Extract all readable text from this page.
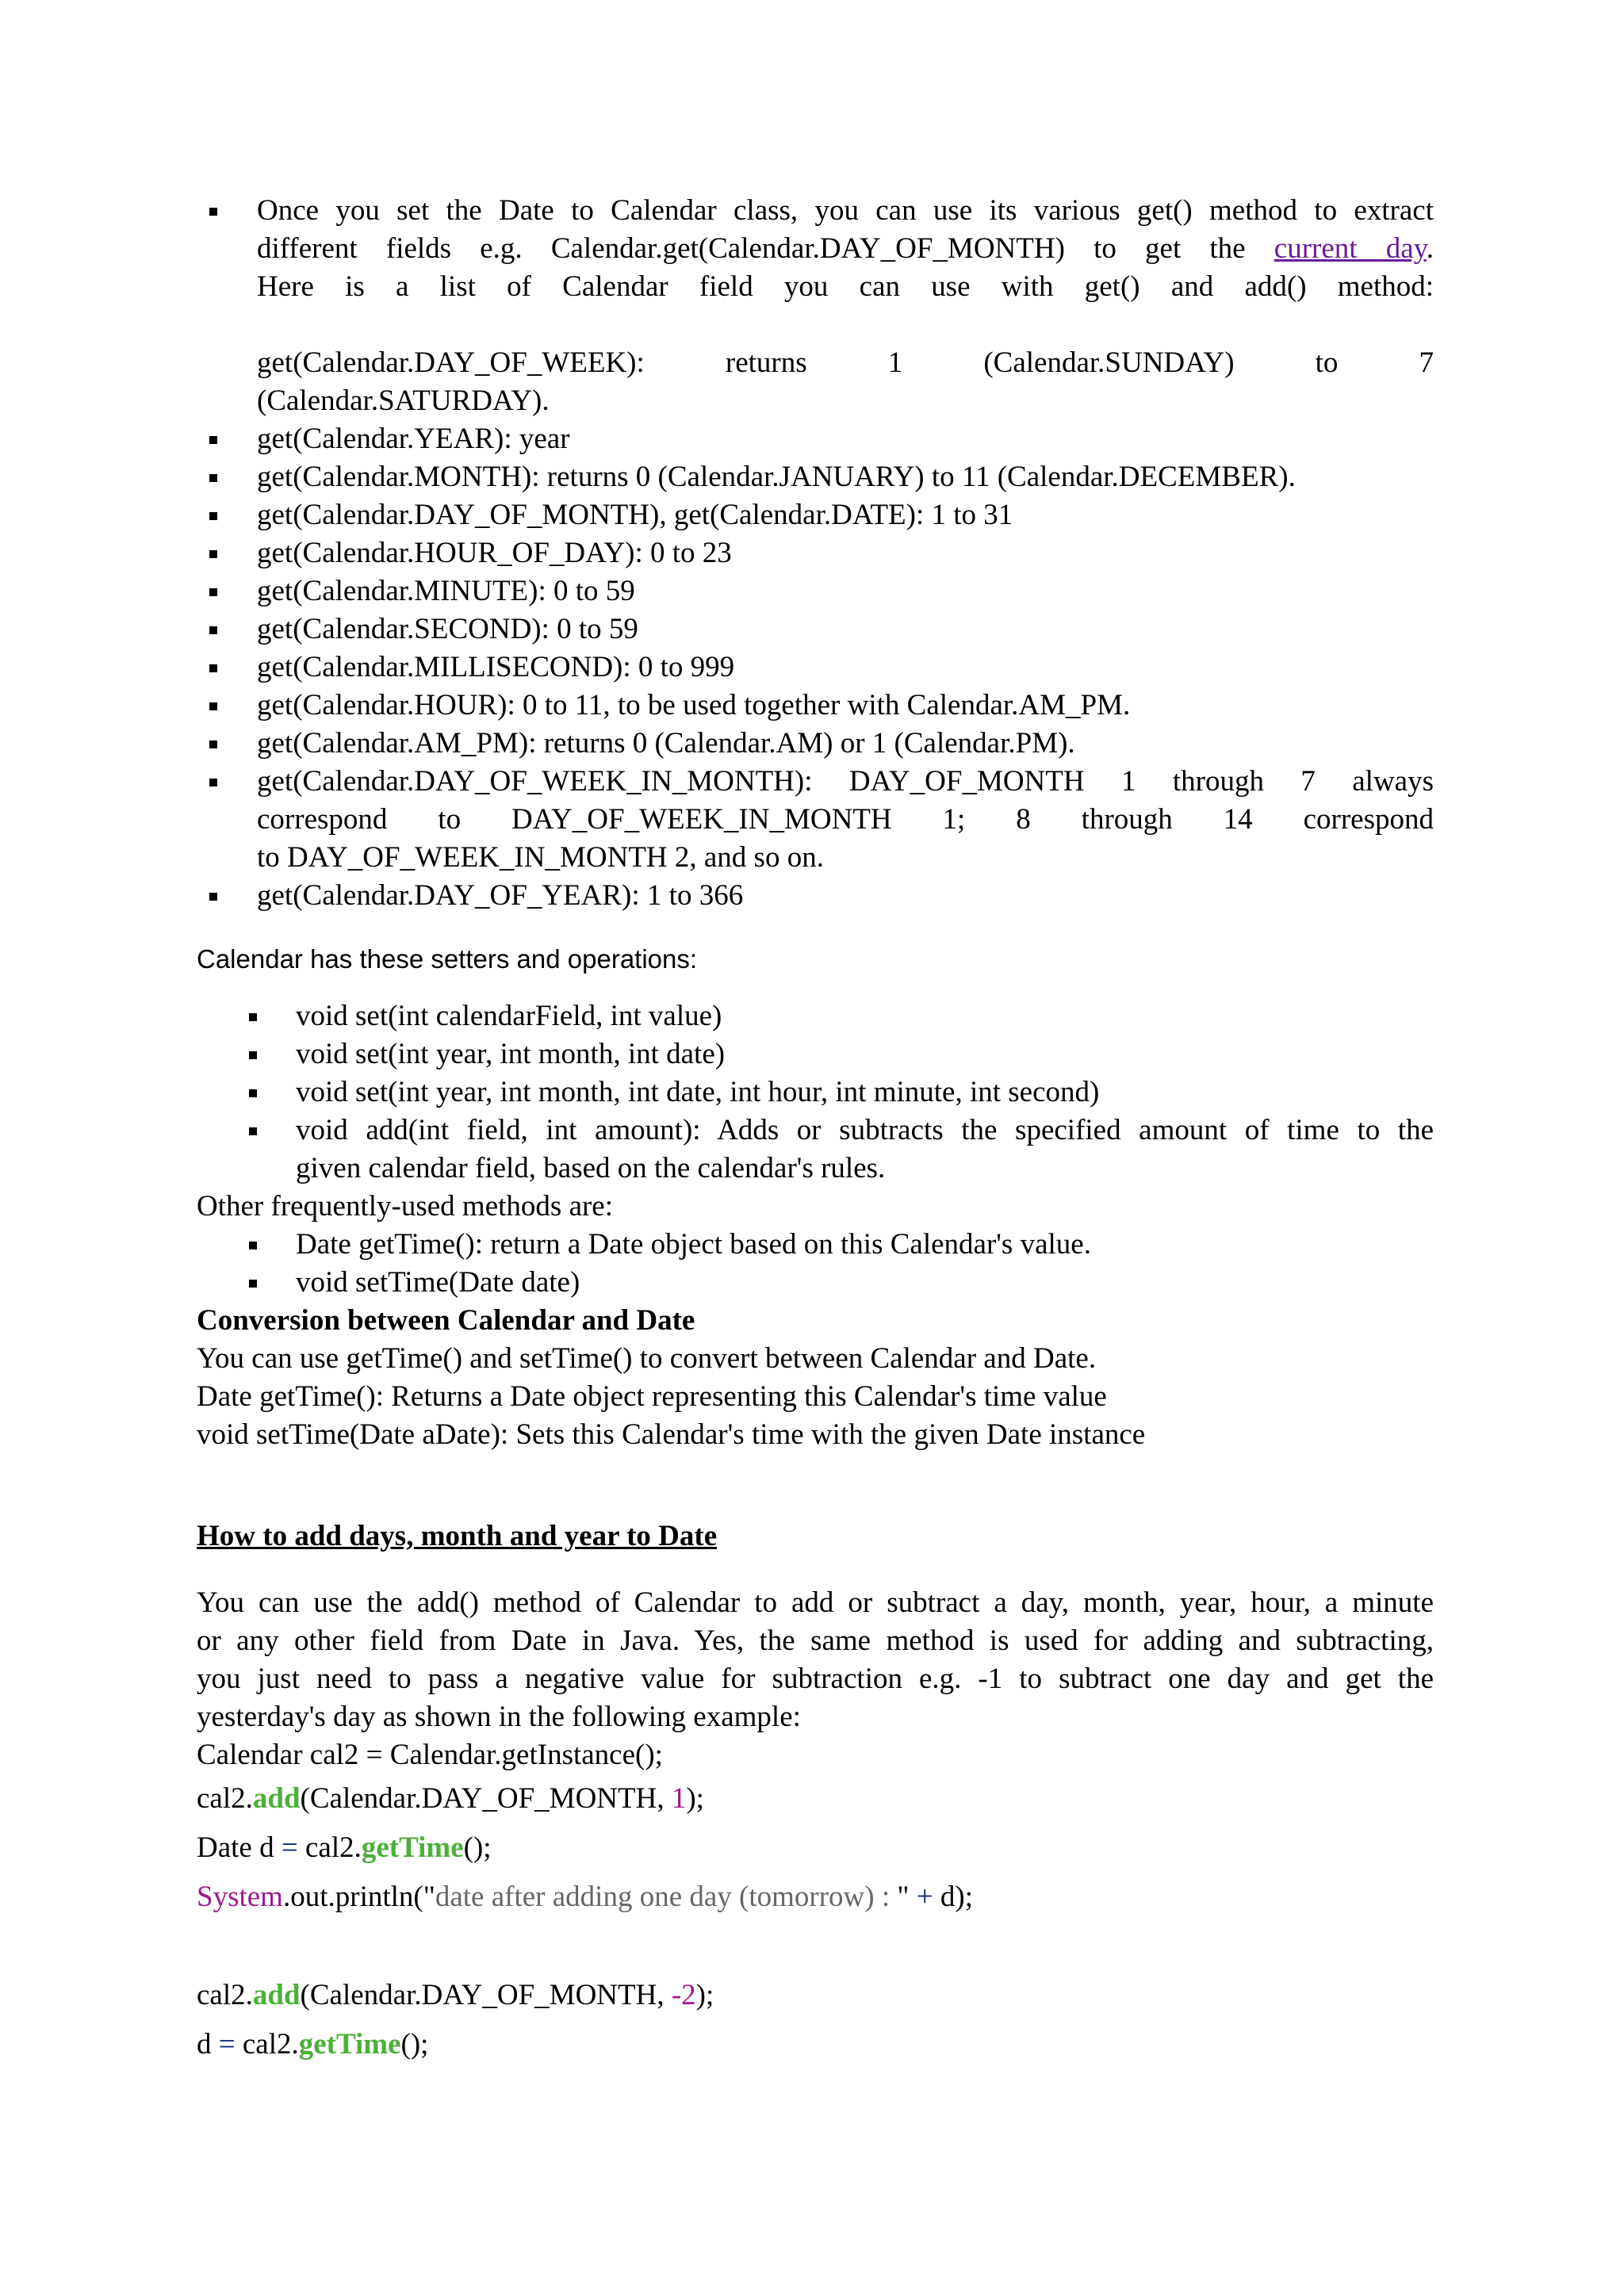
Once you set the Date to Calendar class, you can use its various get() method to extract
different fields e.g. Calendar.get(Calendar.DAY_OF_MONTH) to get the current day.
Here is a list of Calendar field you can use with get() and add() method:
get(Calendar.DAY_OF_WEEK): returns 1 (Calendar.SUNDAY) to 7
(Calendar.SATURDAY).
get(Calendar.YEAR): year
get(Calendar.MONTH): returns 0 (Calendar.JANUARY) to 11 (Calendar.DECEMBER).
get(Calendar.DAY_OF_MONTH), get(Calendar.DATE): 1 to 31
get(Calendar.HOUR_OF_DAY): 0 to 23
get(Calendar.MINUTE): 0 to 59
get(Calendar.SECOND): 0 to 59
get(Calendar.MILLISECOND): 0 to 999
get(Calendar.HOUR): 0 to 11, to be used together with Calendar.AM_PM.
get(Calendar.AM_PM): returns 0 (Calendar.AM) or 1 (Calendar.PM).
get(Calendar.DAY_OF_WEEK_IN_MONTH): DAY_OF_MONTH 1 through 7 always
correspond to DAY_OF_WEEK_IN_MONTH 1; 8 through 14 correspond
to DAY_OF_WEEK_IN_MONTH 2, and so on.
get(Calendar.DAY_OF_YEAR): 1 to 366
Calendar has these setters and operations:
void set(int calendarField, int value)
void set(int year, int month, int date)
void set(int year, int month, int date, int hour, int minute, int second)
void add(int field, int amount): Adds or subtracts the specified amount of time to the
given calendar field, based on the calendar's rules.
Other frequently-used methods are:
Date getTime(): return a Date object based on this Calendar's value.
void setTime(Date date)
Conversion between Calendar and Date
You can use getTime() and setTime() to convert between Calendar and Date.
Date getTime(): Returns a Date object representing this Calendar's time value
void setTime(Date aDate): Sets this Calendar's time with the given Date instance
How to add days, month and year to Date
You can use the add() method of Calendar to add or subtract a day, month, year, hour, a minute
or any other field from Date in Java. Yes, the same method is used for adding and subtracting,
you just need to pass a negative value for subtraction e.g. -1 to subtract one day and get the
yesterday's day as shown in the following example:
Calendar cal2 = Calendar.getInstance();
cal2.add(Calendar.DAY_OF_MONTH, 1);
Date d = cal2.getTime();
System.out.println("date after adding one day (tomorrow) : " + d);
cal2.add(Calendar.DAY_OF_MONTH, -2);
d = cal2.getTime();
